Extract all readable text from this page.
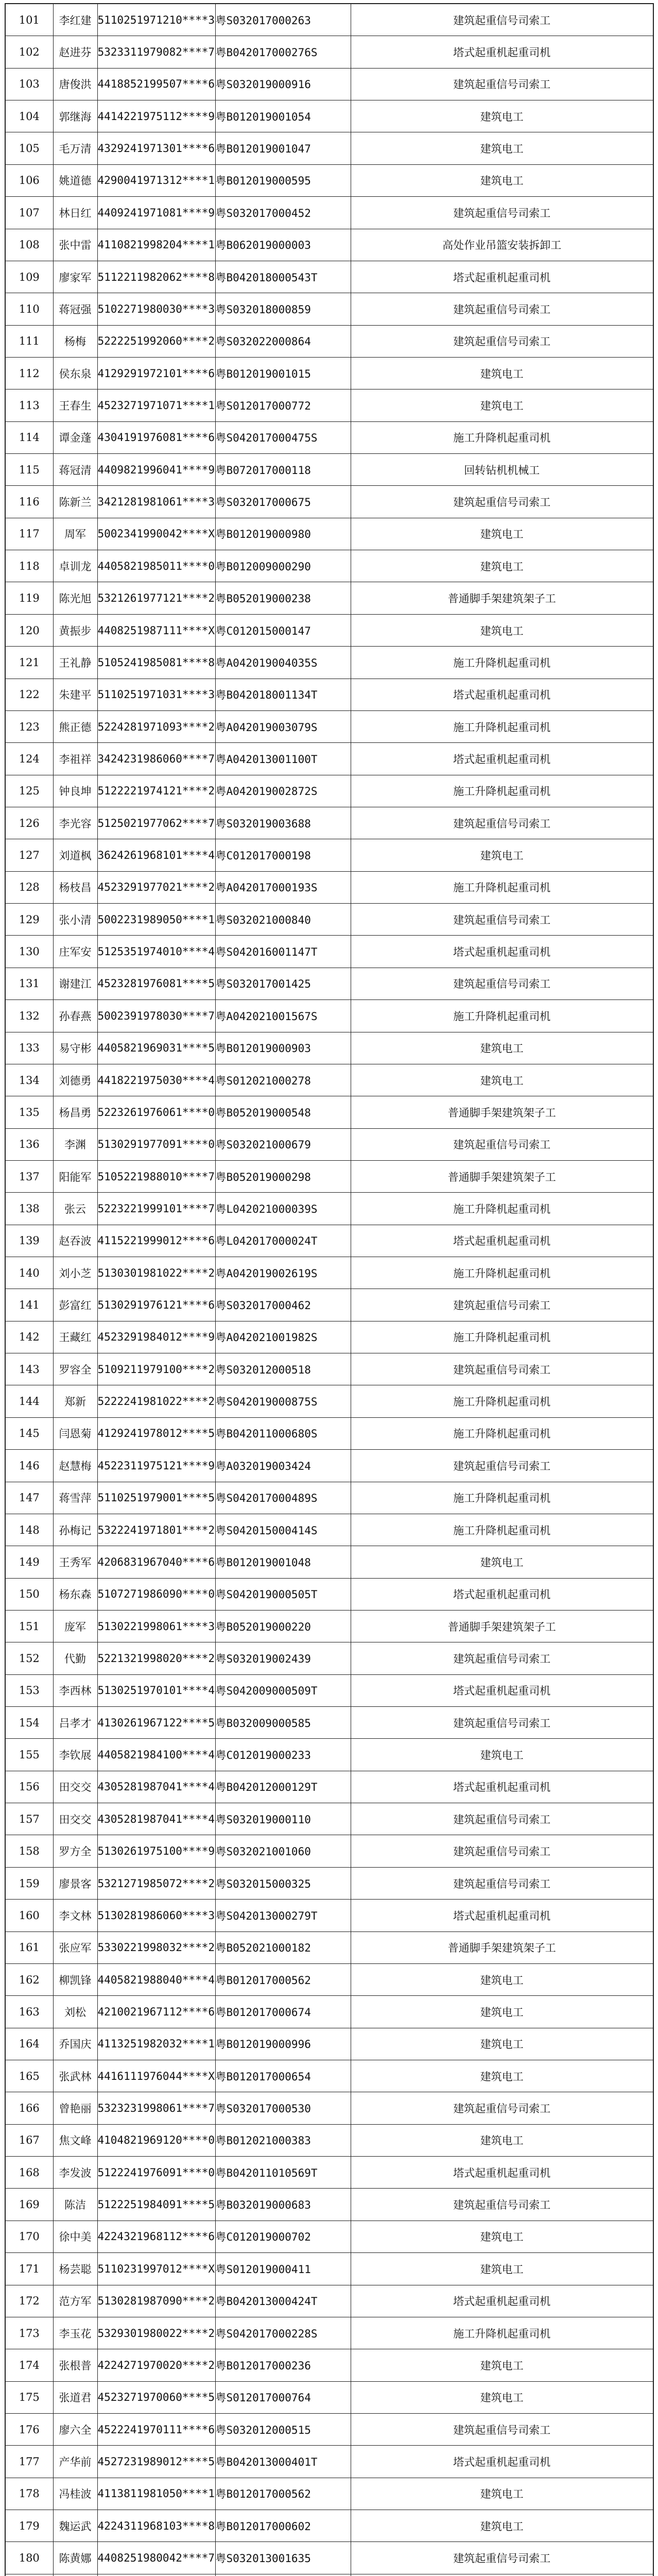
101	李红建	5110251971210****3	粤S032017000263	建筑起重信号司索工
102	赵进芬	5323311979082****7	粤B042017000276S	塔式起重机起重司机
103	唐俊洪	4418852199507****6	粤S032019000916	建筑起重信号司索工
104	郭继海	4414221975112****9	粤B012019001054	建筑电工
105	毛万清	4329241971301****6	粤B012019001047	建筑电工
106	姚道德	4290041971312****1	粤B012019000595	建筑电工
107	林日红	4409241971081****9	粤S032017000452	建筑起重信号司索工
108	张中雷	4110821998204****1	粤B062019000003	高处作业吊篮安装拆卸工
109	廖家军	5112211982062****8	粤B042018000543T	塔式起重机起重司机
110	蒋冠强	5102271980030****3	粤S032018000859	建筑起重信号司索工
111	杨梅	5222251992060****2	粤S032022000864	建筑起重信号司索工
112	侯东泉	4129291972101****6	粤B012019001015	建筑电工
113	王春生	4523271971071****1	粤S012017000772	建筑电工
114	谭金蓬	4304191976081****6	粤S042017000475S	施工升降机起重司机
115	蒋冠清	4409821996041****9	粤B072017000118	回转钻机机械工
116	陈新兰	3421281981061****3	粤S032017000675	建筑起重信号司索工
117	周军	5002341990042****X	粤B012019000980	建筑电工
118	卓训龙	4405821985011****0	粤B012009000290	建筑电工
119	陈光旭	5321261977121****2	粤B052019000238	普通脚手架建筑架子工
120	黄振步	4408251987111****X	粤C012015000147	建筑电工
121	王礼静	5105241985081****8	粤A042019004035S	施工升降机起重司机
122	朱建平	5110251971031****3	粤B042018001134T	塔式起重机起重司机
123	熊正德	5224281971093****2	粤A042019003079S	施工升降机起重司机
124	李祖祥	3424231986060****7	粤A042013001100T	塔式起重机起重司机
125	钟良坤	5122221974121****2	粤A042019002872S	施工升降机起重司机
126	李光容	5125021977062****7	粤S032019003688	建筑起重信号司索工
127	刘道枫	3624261968101****4	粤C012017000198	建筑电工
128	杨枝昌	4523291977021****2	粤A042017000193S	施工升降机起重司机
129	张小清	5002231989050****1	粤S032021000840	建筑起重信号司索工
130	庄军安	5125351974010****4	粤S042016001147T	塔式起重机起重司机
131	谢建江	4523281976081****5	粤S032017001425	建筑起重信号司索工
132	孙春燕	5002391978030****7	粤A042021001567S	施工升降机起重司机
133	易守彬	4405821969031****5	粤B012019000903	建筑电工
134	刘德勇	4418221975030****4	粤S012021000278	建筑电工
135	杨昌勇	5223261976061****0	粤B052019000548	普通脚手架建筑架子工
136	李渊	5130291977091****0	粤S032021000679	建筑起重信号司索工
137	阳能军	5105221988010****7	粤B052019000298	普通脚手架建筑架子工
138	张云	5223221999101****7	粤L042021000039S	施工升降机起重司机
139	赵吞波	4115221999012****6	粤L042017000024T	塔式起重机起重司机
140	刘小芝	5130301981022****2	粤A042019002619S	施工升降机起重司机
141	彭富红	5130291976121****6	粤S032017000462	建筑起重信号司索工
142	王藏红	4523291984012****9	粤A042021001982S	施工升降机起重司机
143	罗容全	5109211979100****2	粤S032012000518	建筑起重信号司索工
144	郑新	5222241981022****2	粤S042019000875S	施工升降机起重司机
145	闫恩菊	4129241978012****5	粤B042011000680S	施工升降机起重司机
146	赵慧梅	4522311975121****9	粤A032019003424	建筑起重信号司索工
147	蒋雪萍	5110251979001****5	粤S042017000489S	施工升降机起重司机
148	孙梅记	5322241971801****2	粤S042015000414S	施工升降机起重司机
149	王秀军	4206831967040****6	粤B012019001048	建筑电工
150	杨东森	5107271986090****0	粤S042019000505T	塔式起重机起重司机
151	庞军	5130221998061****3	粤B052019000220	普通脚手架建筑架子工
152	代勤	5221321998020****2	粤S032019002439	建筑起重信号司索工
153	李西林	5130251970101****4	粤S042009000509T	塔式起重机起重司机
154	吕孝才	4130261967122****5	粤B032009000585	建筑起重信号司索工
155	李钦展	4405821984100****4	粤C012019000233	建筑电工
156	田交交	4305281987041****4	粤B042012000129T	塔式起重机起重司机
157	田交交	4305281987041****4	粤S032019000110	建筑起重信号司索工
158	罗方全	5130261975100****9	粤S032021001060	建筑起重信号司索工
159	廖景客	5321271985072****2	粤S032015000325	建筑起重信号司索工
160	李文林	5130281986060****3	粤S042013000279T	塔式起重机起重司机
161	张应军	5330221998032****2	粤B052021000182	普通脚手架建筑架子工
162	柳凯锋	4405821988040****4	粤B012017000562	建筑电工
163	刘松	4210021967112****6	粤B012017000674	建筑电工
164	乔国庆	4113251982032****1	粤B012019000996	建筑电工
165	张武林	4416111976044****X	粤B012017000654	建筑电工
166	曾艳丽	5323231998061****7	粤S032017000530	建筑起重信号司索工
167	焦文峰	4104821969120****0	粤B012021000383	建筑电工
168	李发波	5122241976091****0	粤B042011010569T	塔式起重机起重司机
169	陈洁	5122251984091****5	粤B032019000683	建筑起重信号司索工
170	徐中美	4224321968112****6	粤C012019000702	建筑电工
171	杨芸聪	5110231997012****X	粤S012019000411	建筑电工
172	范方军	5130281987090****2	粤B042013000424T	塔式起重机起重司机
173	李玉花	5329301980022****2	粤S042017000228S	施工升降机起重司机
174	张根普	4224271970020****2	粤B012017000236	建筑电工
175	张道君	4523271970060****5	粤S012017000764	建筑电工
176	廖六全	4522241970111****6	粤S032012000515	建筑起重信号司索工
177	产华前	4527231989012****5	粤B042013000401T	塔式起重机起重司机
178	冯桂波	4113811981050****1	粤B012017000562	建筑电工
179	魏运武	4224311968103****8	粤B012017000602	建筑电工
180	陈黄娜	4408251980042****7	粤S032013001635	建筑起重信号司索工
